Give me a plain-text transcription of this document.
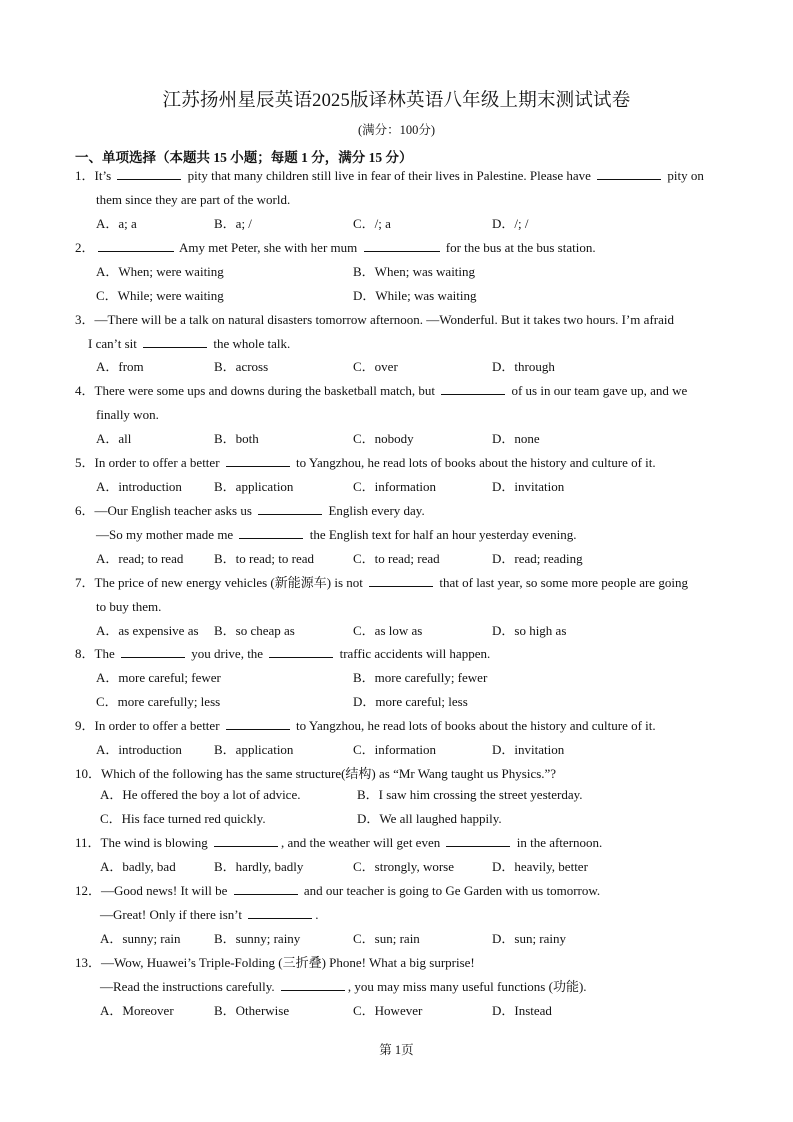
江苏扬州星辰英语2025版译林英语八年级上期末测试试卷
(满分：100分)
一、单项选择（本题共 15 小题；每题 1 分，满分 15 分）
1．It’s	pity that many children still live in fear of their lives in Palestine. Please have	pity on
them since they are part of the world.
A．a; a	B．a; /	C．/; a	D．/; /
2．	Amy met Peter, she with her mum	for the bus at the bus station.
A．When; were waiting	B．When; was waiting
C．While; were waiting	D．While; was waiting
3．—There will be a talk on natural disasters tomorrow afternoon. —Wonderful. But it takes two hours. I’m afraid
I can’t sit	the whole talk.
A．from	B．across	C．over	D．through
4．There were some ups and downs during the basketball match, but	of us in our team gave up, and we
finally won.
A．all	B．both	C．nobody	D．none
5．In order to offer a better	to Yangzhou, he read lots of books about the history and culture of it.
A．introduction B．application	C．information	D．invitation
6．—Our English teacher asks us	English every day.
—So my mother made me	the English text for half an hour yesterday evening.
A．read; to read B．to read; to read	C．to read; read	D．read; reading
7．The price of new energy vehicles (新能源车) is not	that of last year, so some more people are going
to buy them.
A．as expensive as B．so cheap as	C．as low as	D．so high as
8．The	you drive, the	traffic accidents will happen.
A．more careful; fewer	B．more carefully; fewer
C．more carefully; less	D．more careful; less
9．In order to offer a better	to Yangzhou, he read lots of books about the history and culture of it.
A．introduction B．application	C．information	D．invitation
10．Which of the following has the same structure(结构) as “Mr Wang taught us Physics.”?
A．He offered the boy a lot of advice.	B．I saw him crossing the street yesterday.
C．His face turned red quickly.	D．We all laughed happily.
11．The wind is blowing	, and the weather will get even	in the afternoon.
A．badly, bad	B．hardly, badly	C．strongly, worse	D．heavily, better
12．—Good news! It will be	and our teacher is going to Ge Garden with us tomorrow.
—Great! Only if there isn’t	.
A．sunny; rain	B．sunny; rainy	C．sun; rain	D．sun; rainy
13．—Wow, Huawei’s Triple-Folding (三折叠) Phone! What a big surprise!
—Read the instructions carefully.	, you may miss many useful functions (功能).
A．Moreover	B．Otherwise	C．However	D．Instead
第 1页
